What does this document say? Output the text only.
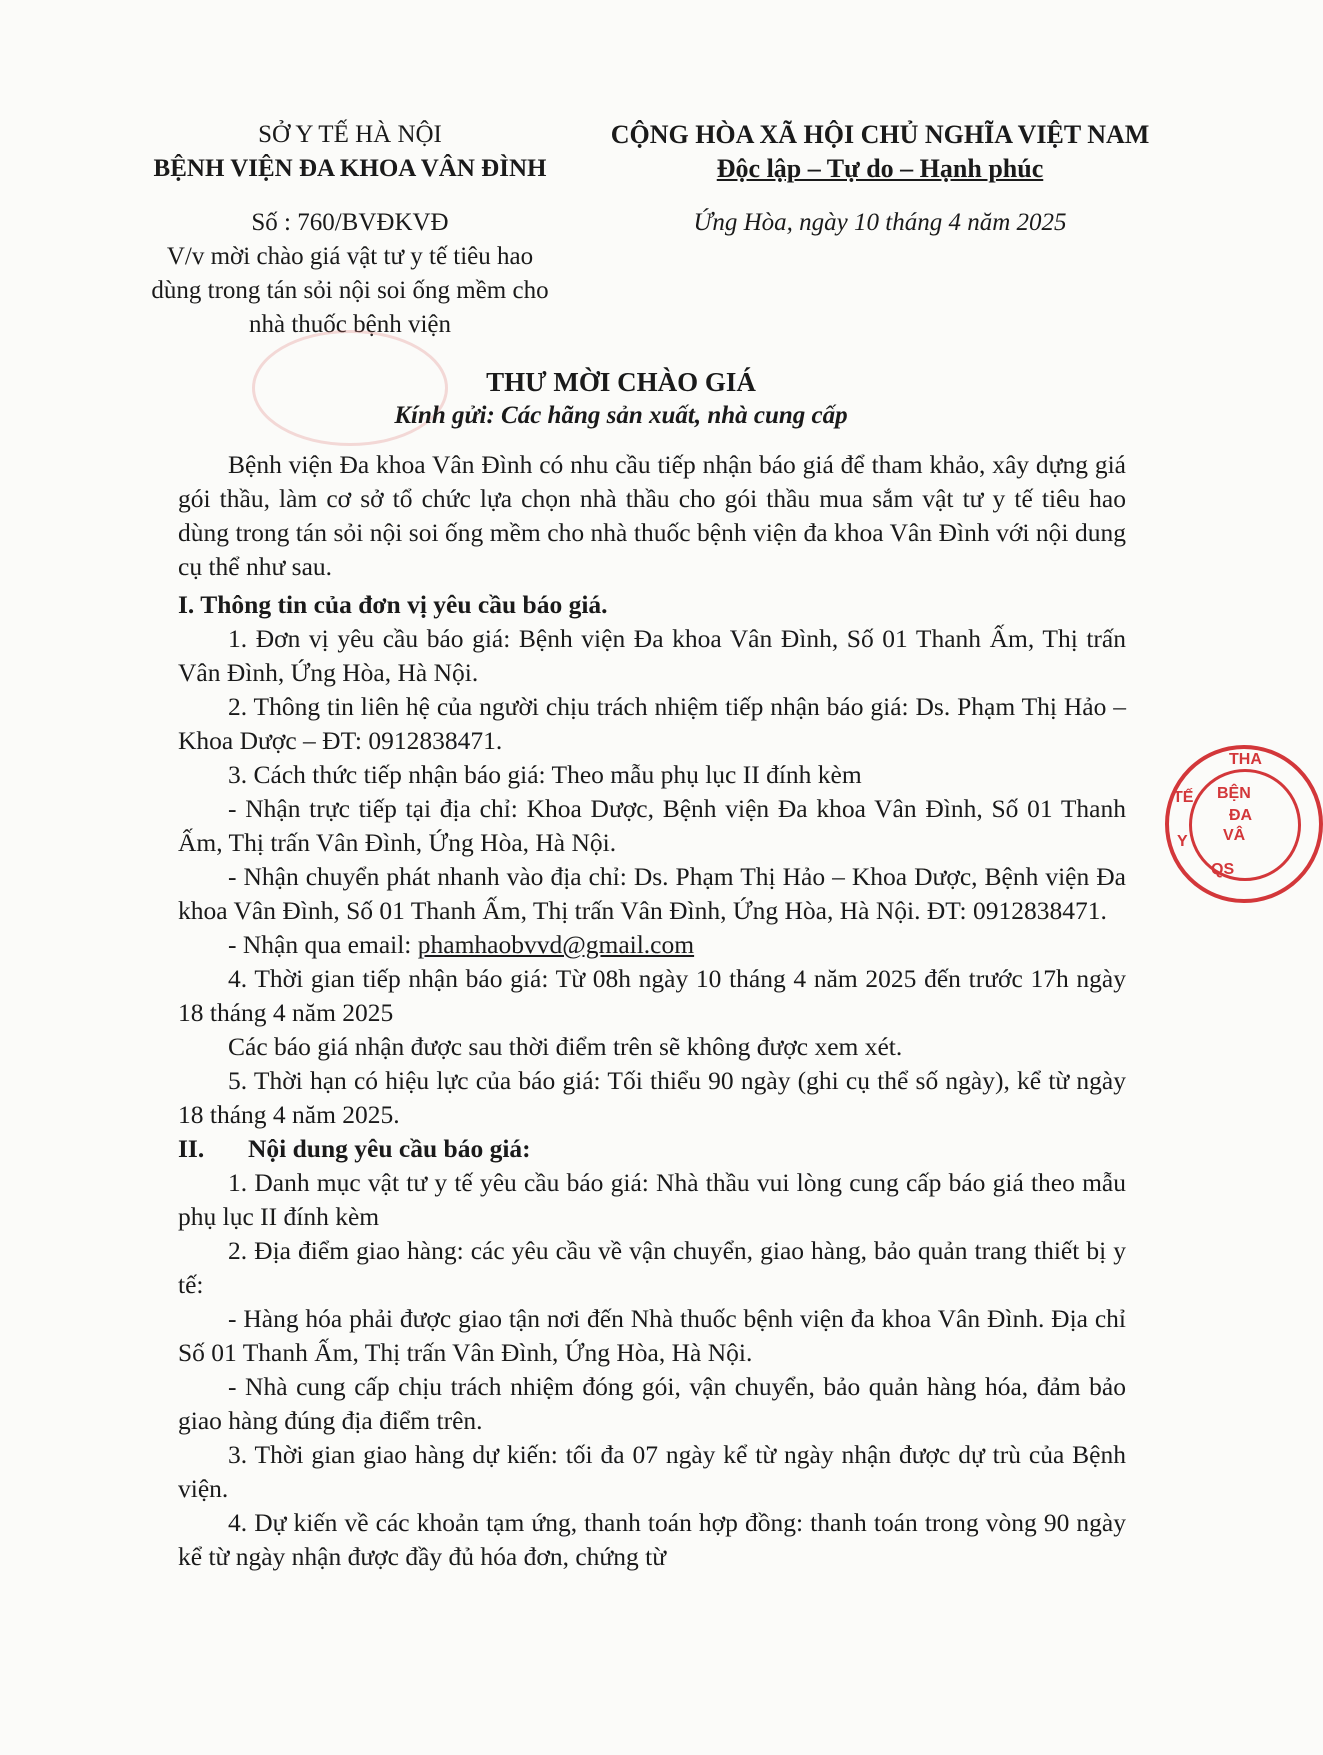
SỞ Y TẾ HÀ NỘI
BỆNH VIỆN ĐA KHOA VÂN ĐÌNH
Số : 760/BVĐKVĐ
V/v mời chào giá vật tư y tế tiêu hao
dùng trong tán sỏi nội soi ống mềm cho
nhà thuốc bệnh viện
CỘNG HÒA XÃ HỘI CHỦ NGHĨA VIỆT NAM
Độc lập – Tự do – Hạnh phúc
Ứng Hòa, ngày 10 tháng 4 năm 2025
THƯ MỜI CHÀO GIÁ
Kính gửi: Các hãng sản xuất, nhà cung cấp

Bệnh viện Đa khoa Vân Đình có nhu cầu tiếp nhận báo giá để tham khảo, xây dựng giá gói thầu, làm cơ sở tổ chức lựa chọn nhà thầu cho gói thầu mua sắm vật tư y tế tiêu hao dùng trong tán sỏi nội soi ống mềm cho nhà thuốc bệnh viện đa khoa Vân Đình với nội dung cụ thể như sau.

I. Thông tin của đơn vị yêu cầu báo giá.

1. Đơn vị yêu cầu báo giá: Bệnh viện Đa khoa Vân Đình, Số 01 Thanh Ấm, Thị trấn Vân Đình, Ứng Hòa, Hà Nội.

2. Thông tin liên hệ của người chịu trách nhiệm tiếp nhận báo giá: Ds. Phạm Thị Hảo – Khoa Dược – ĐT: 0912838471.

3. Cách thức tiếp nhận báo giá: Theo mẫu phụ lục II đính kèm

- Nhận trực tiếp tại địa chỉ: Khoa Dược, Bệnh viện Đa khoa Vân Đình, Số 01 Thanh Ấm, Thị trấn Vân Đình, Ứng Hòa, Hà Nội.

- Nhận chuyển phát nhanh vào địa chỉ: Ds. Phạm Thị Hảo – Khoa Dược, Bệnh viện Đa khoa Vân Đình, Số 01 Thanh Ấm, Thị trấn Vân Đình, Ứng Hòa, Hà Nội. ĐT: 0912838471.

- Nhận qua email: phamhaobvvd@gmail.com

4. Thời gian tiếp nhận báo giá: Từ 08h ngày 10 tháng 4 năm 2025 đến trước 17h ngày 18 tháng 4 năm 2025

Các báo giá nhận được sau thời điểm trên sẽ không được xem xét.

5. Thời hạn có hiệu lực của báo giá: Tối thiểu 90 ngày (ghi cụ thể số ngày), kể từ ngày 18 tháng 4 năm 2025.

II.	Nội dung yêu cầu báo giá:

1. Danh mục vật tư y tế yêu cầu báo giá: Nhà thầu vui lòng cung cấp báo giá theo mẫu phụ lục II đính kèm

2. Địa điểm giao hàng: các yêu cầu về vận chuyển, giao hàng, bảo quản trang thiết bị y tế:

- Hàng hóa phải được giao tận nơi đến Nhà thuốc bệnh viện đa khoa Vân Đình. Địa chỉ Số 01 Thanh Ấm, Thị trấn Vân Đình, Ứng Hòa, Hà Nội.

- Nhà cung cấp chịu trách nhiệm đóng gói, vận chuyển, bảo quản hàng hóa, đảm bảo giao hàng đúng địa điểm trên.

3. Thời gian giao hàng dự kiến: tối đa 07 ngày kể từ ngày nhận được dự trù của Bệnh viện.

4. Dự kiến về các khoản tạm ứng, thanh toán hợp đồng: thanh toán trong vòng 90 ngày kể từ ngày nhận được đầy đủ hóa đơn, chứng từ

THA
TẾ BỆN
ĐA
VÂ
Y
QS
